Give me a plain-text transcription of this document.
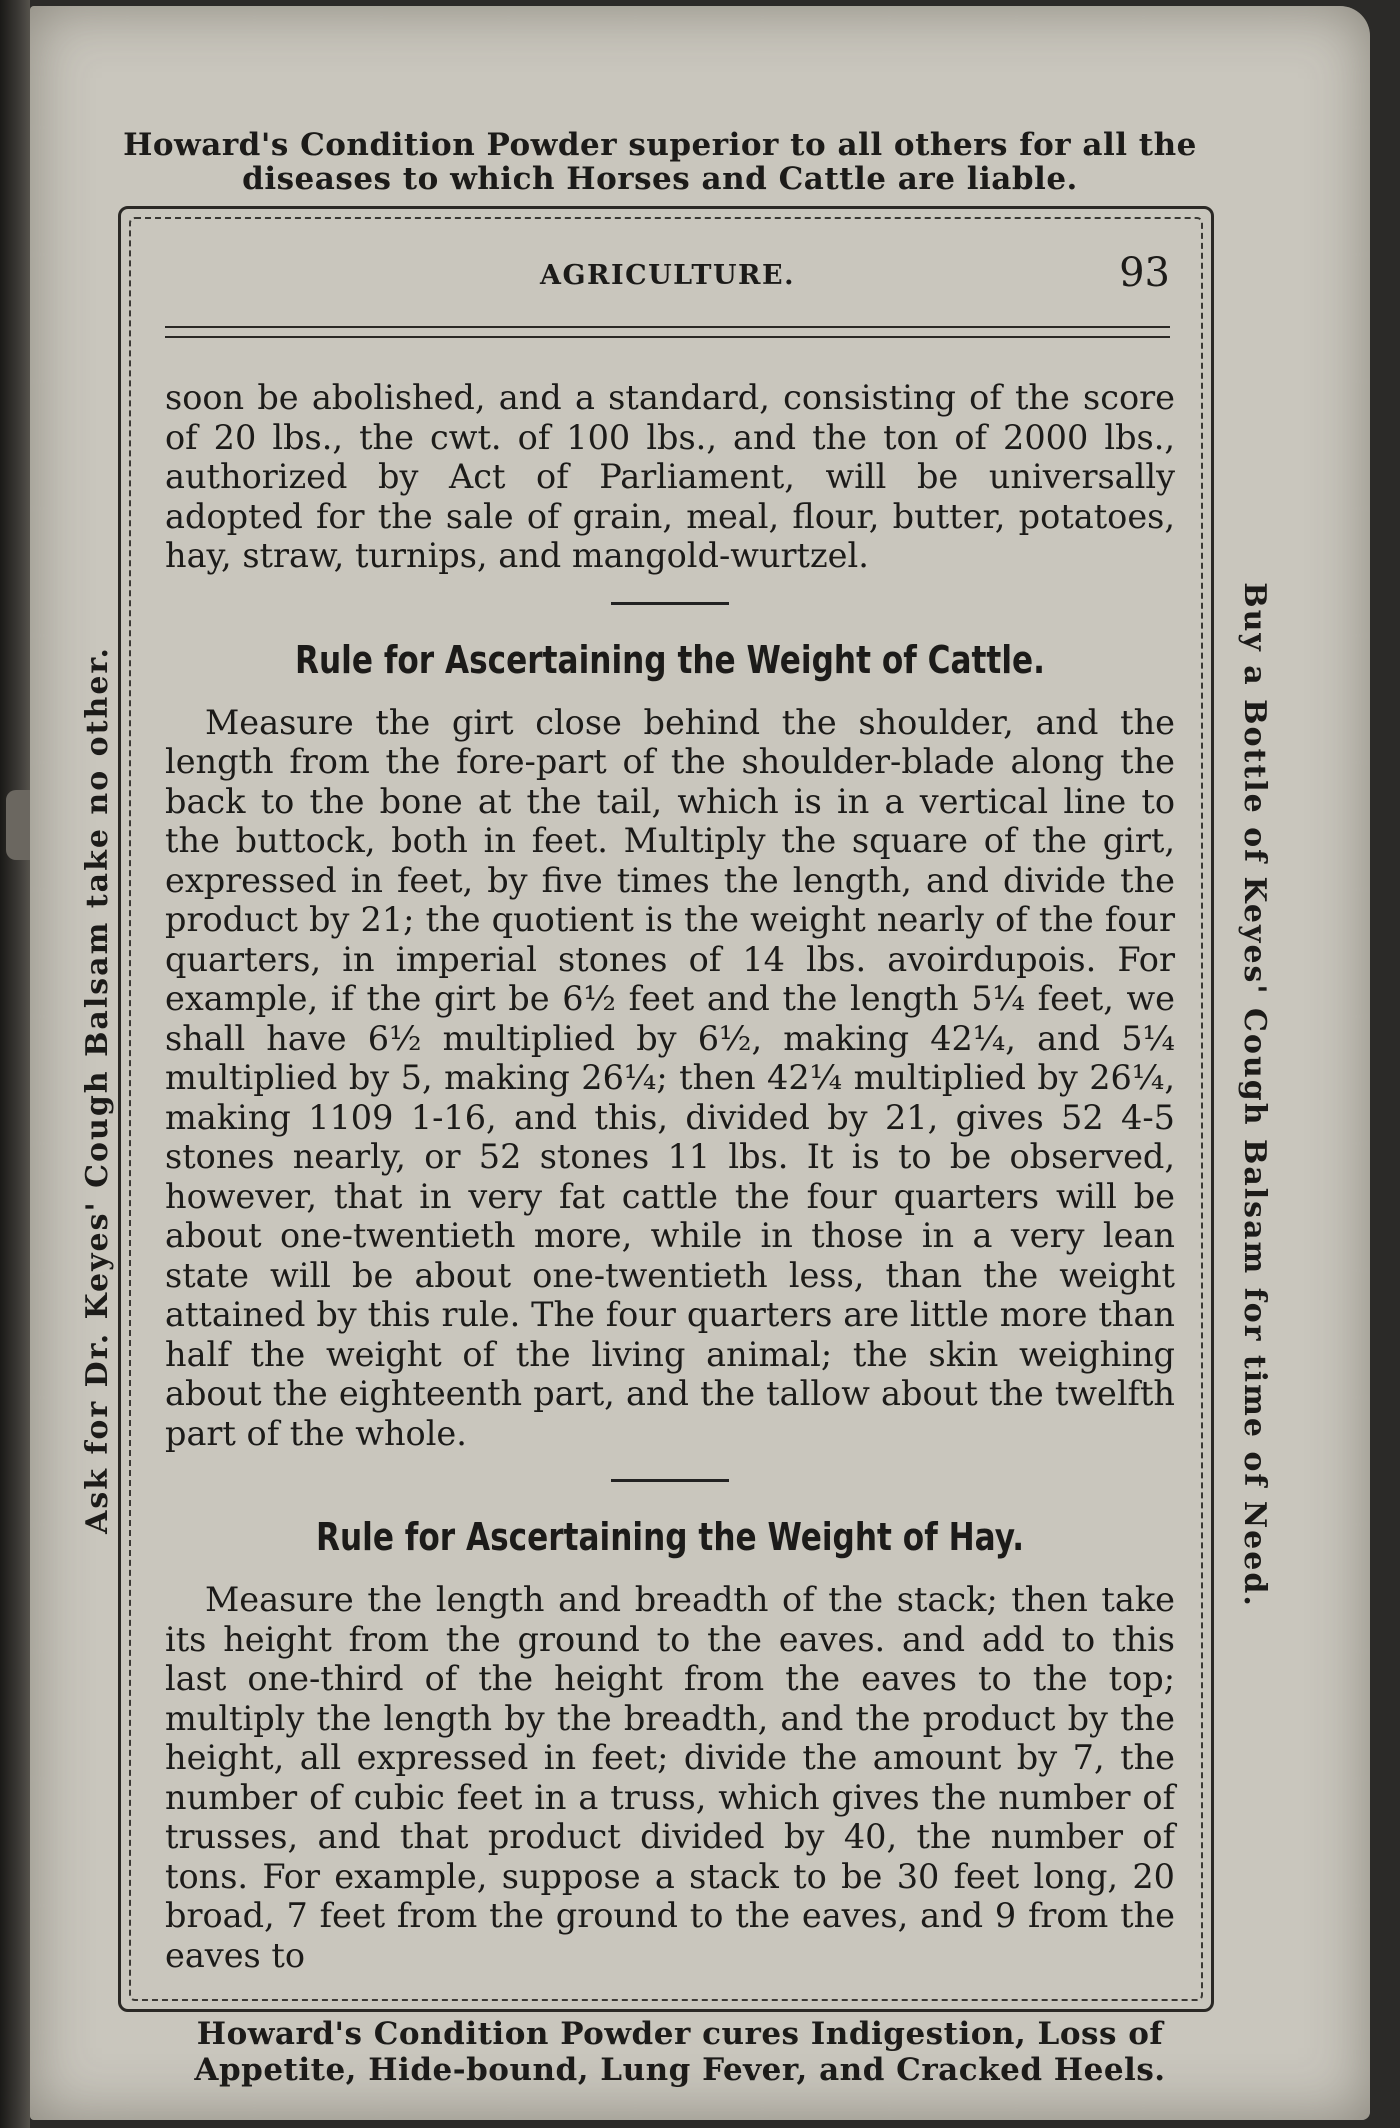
Howard's Condition Powder superior to all others for all the diseases to which Horses and Cattle are liable.
Ask for Dr. Keyes' Cough Balsam take no other.	Buy a Bottle of Keyes' Cough Balsam for time of Need.
AGRICULTURE.	93

soon be abolished, and a standard, consisting of the score of 20 lbs., the cwt. of 100 lbs., and the ton of 2000 lbs., authorized by Act of Parliament, will be universally adopted for the sale of grain, meal, flour, butter, potatoes, hay, straw, turnips, and mangold-wurtzel.

Rule for Ascertaining the Weight of Cattle.

Measure the girt close behind the shoulder, and the length from the fore-part of the shoulder-blade along the back to the bone at the tail, which is in a vertical line to the buttock, both in feet. Multiply the square of the girt, expressed in feet, by five times the length, and divide the product by 21; the quotient is the weight nearly of the four quarters, in imperial stones of 14 lbs. avoirdupois. For example, if the girt be 6½ feet and the length 5¼ feet, we shall have 6½ multiplied by 6½, making 42¼, and 5¼ multiplied by 5, making 26¼; then 42¼ multiplied by 26¼, making 1109 1-16, and this, divided by 21, gives 52 4-5 stones nearly, or 52 stones 11 lbs. It is to be observed, however, that in very fat cattle the four quarters will be about one-twentieth more, while in those in a very lean state will be about one-twentieth less, than the weight attained by this rule. The four quarters are little more than half the weight of the living animal; the skin weighing about the eighteenth part, and the tallow about the twelfth part of the whole.

Rule for Ascertaining the Weight of Hay.

Measure the length and breadth of the stack; then take its height from the ground to the eaves. and add to this last one-third of the height from the eaves to the top; multiply the length by the breadth, and the product by the height, all expressed in feet; divide the amount by 7, the number of cubic feet in a truss, which gives the number of trusses, and that product divided by 40, the number of tons. For example, suppose a stack to be 30 feet long, 20 broad, 7 feet from the ground to the eaves, and 9 from the eaves to

Howard's Condition Powder cures Indigestion, Loss of Appetite, Hide-bound, Lung Fever, and Cracked Heels.
